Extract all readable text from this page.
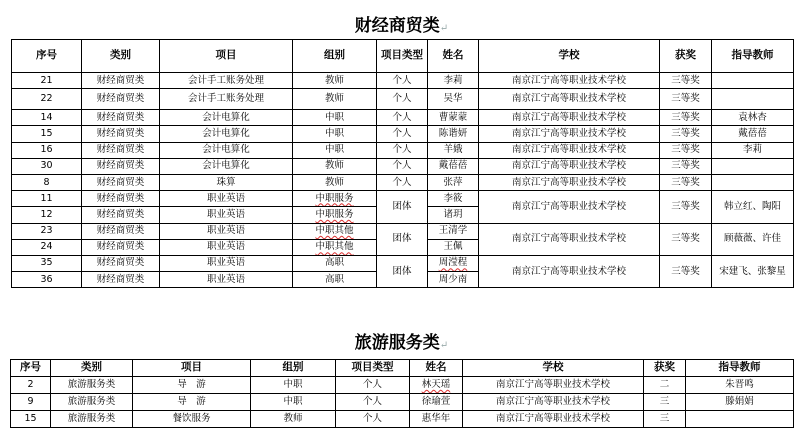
财经商贸类↵
序号	类别	项目	组别	项目类型	姓名	学校	获奖	指导教师
21	财经商贸类	会计手工账务处理	教师	个人	李莉	南京江宁高等职业技术学校	三等奖	
22	财经商贸类	会计手工账务处理	教师	个人	吴华	南京江宁高等职业技术学校	三等奖	
14	财经商贸类	会计电算化	中职	个人	曹蒙蒙	南京江宁高等职业技术学校	三等奖	袁林杏
15	财经商贸类	会计电算化	中职	个人	陈谐妍	南京江宁高等职业技术学校	三等奖	戴蓓蓓
16	财经商贸类	会计电算化	中职	个人	羊娥	南京江宁高等职业技术学校	三等奖	李莉
30	财经商贸类	会计电算化	教师	个人	戴蓓蓓	南京江宁高等职业技术学校	三等奖	
8	财经商贸类	珠算	教师	个人	张萍	南京江宁高等职业技术学校	三等奖	
11	财经商贸类	职业英语	中职服务	团体	李筱	南京江宁高等职业技术学校	三等奖	韩立红、陶阳
12	财经商贸类	职业英语	中职服务		诸玥			
23	财经商贸类	职业英语	中职其他	团体	王清学	南京江宁高等职业技术学校	三等奖	顾薇薇、许佳
24	财经商贸类	职业英语	中职其他		王佩			
35	财经商贸类	职业英语	高职	团体	周滢程	南京江宁高等职业技术学校	三等奖	宋建飞、张黎星
36	财经商贸类	职业英语	高职		周少南			
旅游服务类↵
序号	类别	项目	组别	项目类型	姓名	学校	获奖	指导教师
2	旅游服务类	导　游	中职	个人	林天瑶	南京江宁高等职业技术学校	二	朱晋鸣
9	旅游服务类	导　游	中职	个人	徐瑜萱	南京江宁高等职业技术学校	三	滕娟娟
15	旅游服务类	餐饮服务	教师	个人	惠华年	南京江宁高等职业技术学校	三	
